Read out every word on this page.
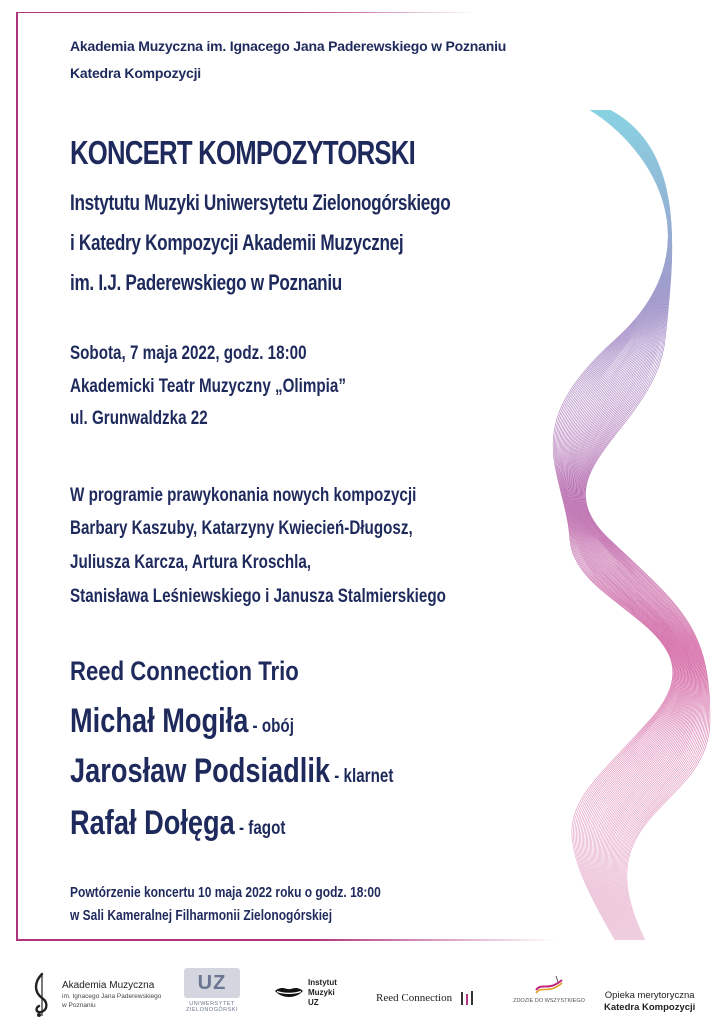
Akademia Muzyczna im. Ignacego Jana Paderewskiego w Poznaniu
Katedra Kompozycji
KONCERT KOMPOZYTORSKI
Instytutu Muzyki Uniwersytetu Zielonogórskiego
i Katedry Kompozycji Akademii Muzycznej
im. I.J. Paderewskiego w Poznaniu
Sobota, 7 maja 2022, godz. 18:00
Akademicki Teatr Muzyczny „Olimpia”
ul. Grunwaldzka 22
W programie prawykonania nowych kompozycji
Barbary Kaszuby, Katarzyny Kwiecień-Długosz,
Juliusza Karcza, Artura Kroschla,
Stanisława Leśniewskiego i Janusza Stalmierskiego
Reed Connection Trio
Michał Mogiła - obój
Jarosław Podsiadlik - klarnet
Rafał Dołęga - fagot
Powtórzenie koncertu 10 maja 2022 roku o godz. 18:00
w Sali Kameralnej Filharmonii Zielonogórskiej
Akademia Muzyczna
im. Ignacego Jana Paderewskiego
w Poznaniu
UZ
UNIWERSYTET
ZIELONOGÓRSKI
Instytut
Muzyki
UZ	Reed Connection	ZDOZIE DO WSZYSTKIEGO	Opieka merytoryczna
Katedra Kompozycji
